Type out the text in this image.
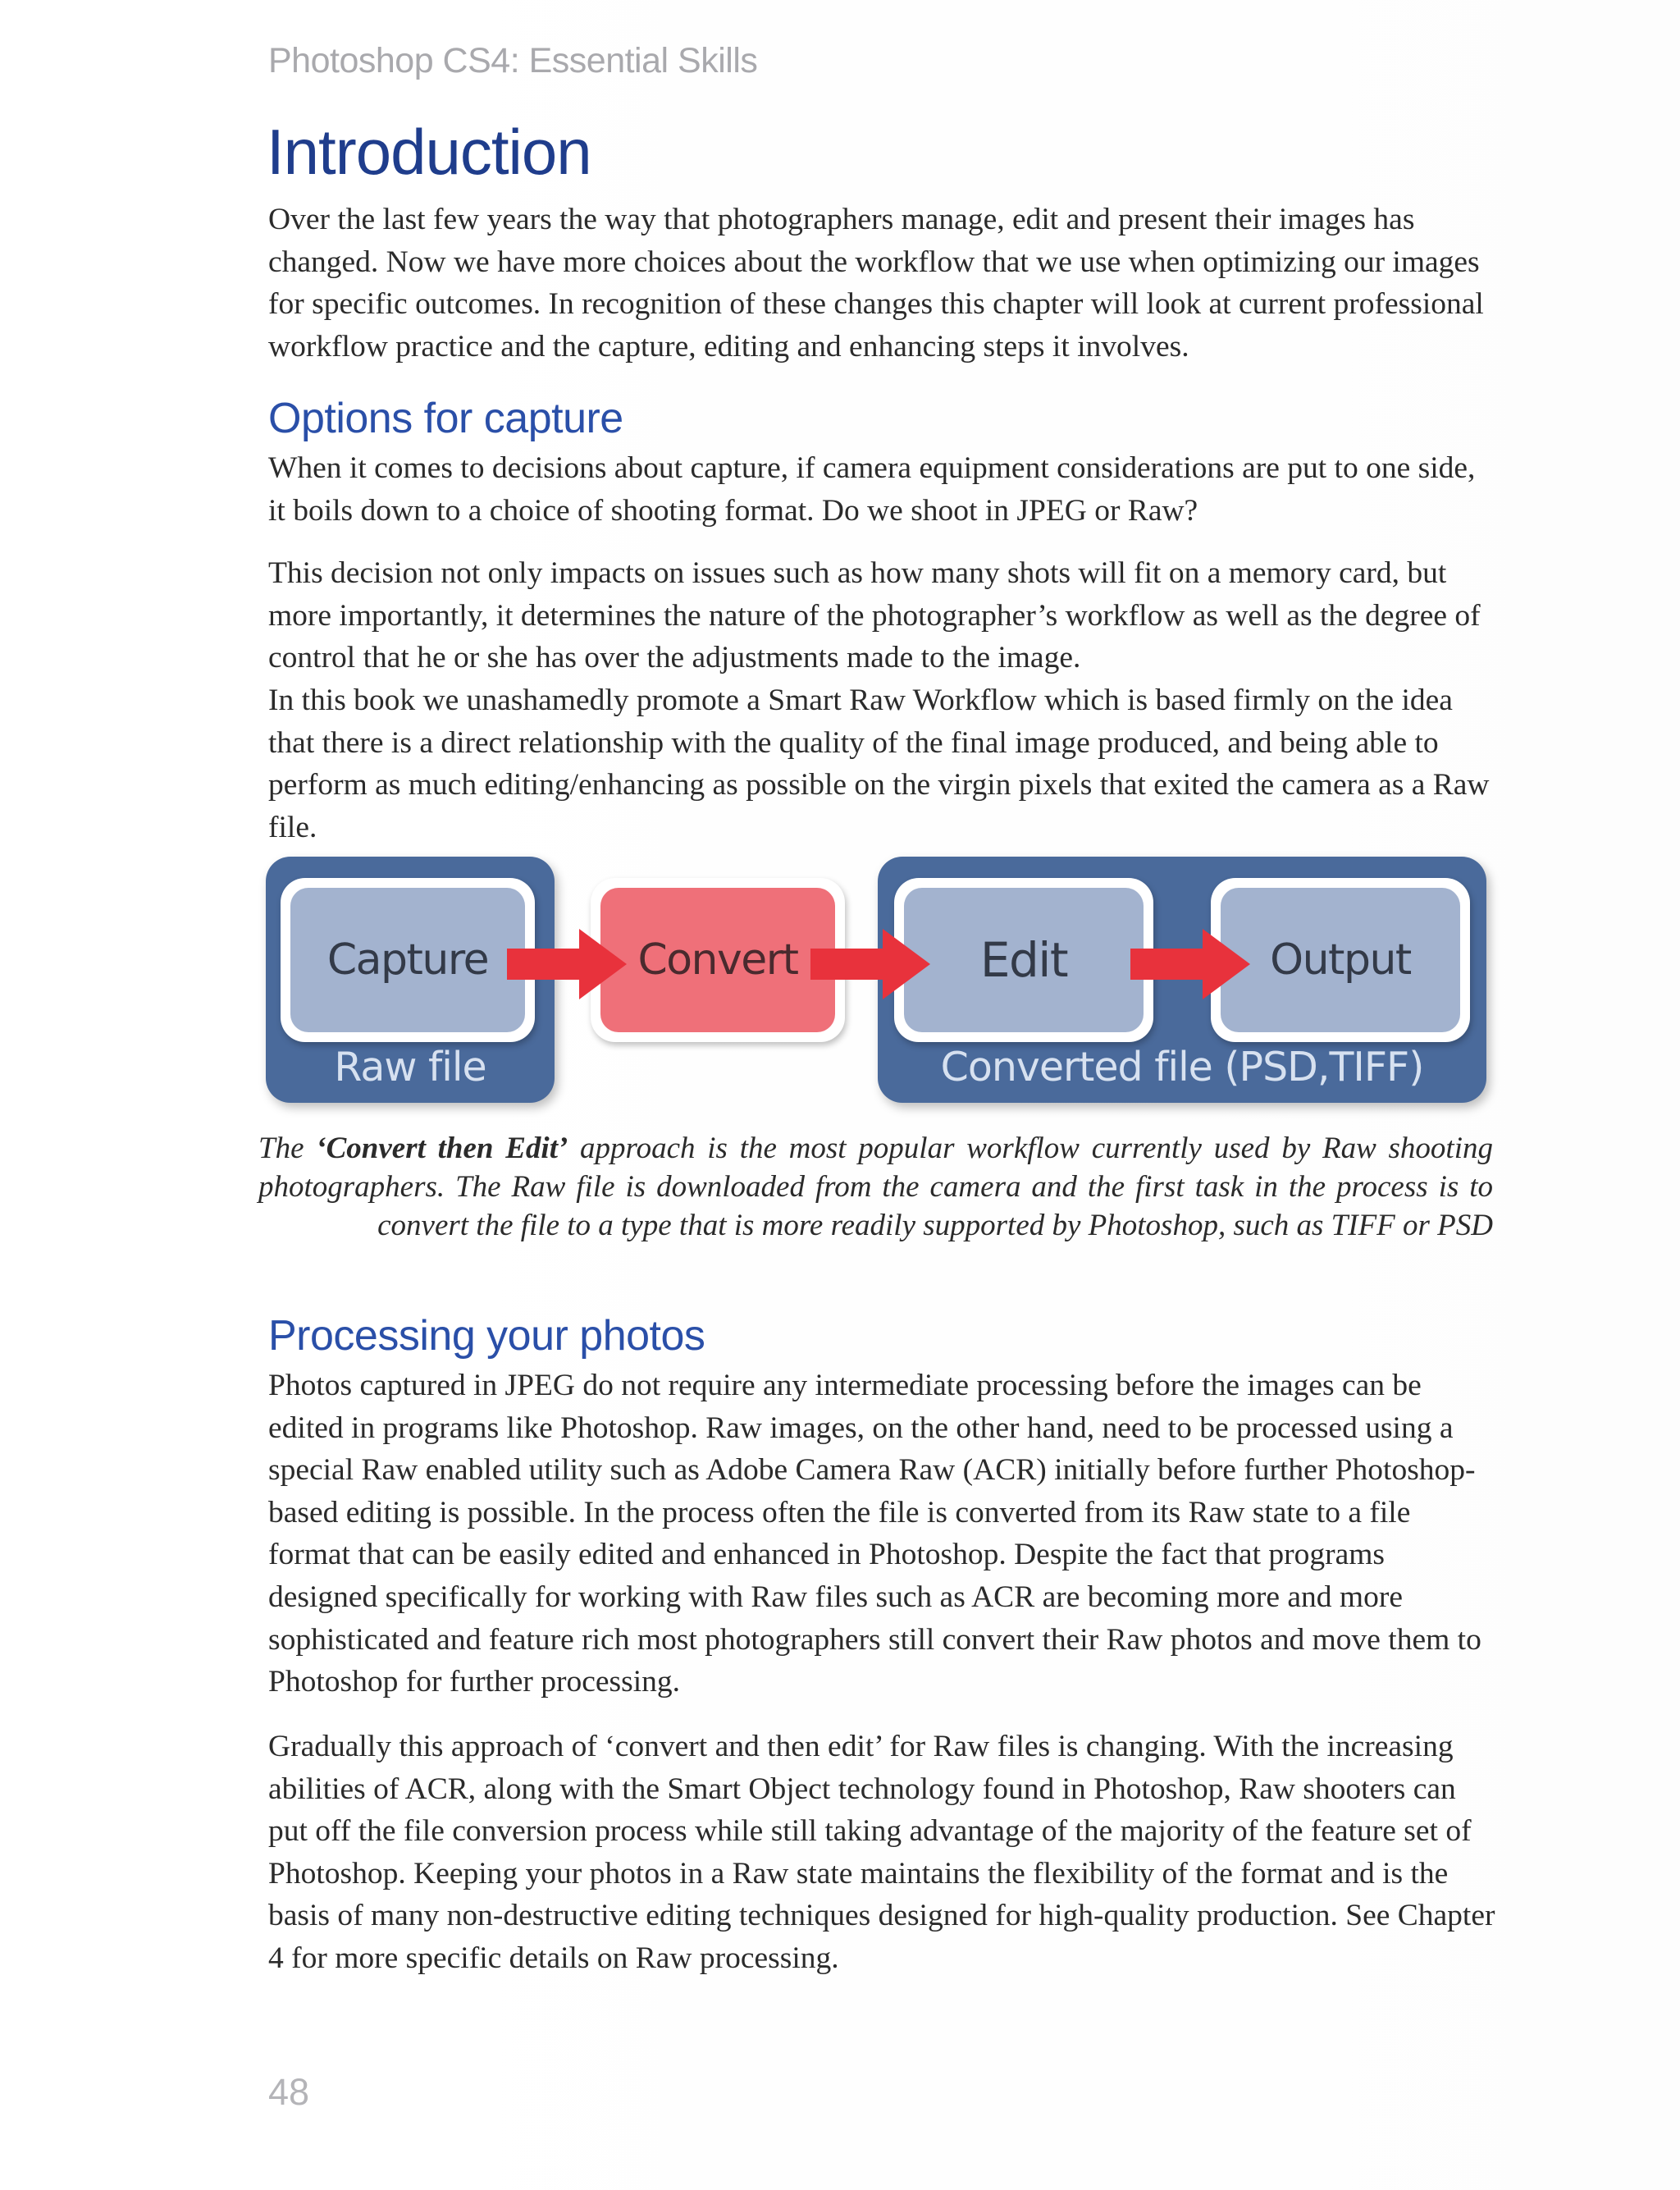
Photoshop CS4: Essential Skills
Introduction

Over the last few years the way that photographers manage, edit and present their images has changed. Now we have more choices about the workflow that we use when optimizing our images for specific outcomes. In recognition of these changes this chapter will look at current professional workflow practice and the capture, editing and enhancing steps it involves.

Options for capture

When it comes to decisions about capture, if camera equipment considerations are put to one side, it boils down to a choice of shooting format. Do we shoot in JPEG or Raw?

This decision not only impacts on issues such as how many shots will fit on a memory card, but more importantly, it determines the nature of the photographer’s workflow as well as the degree of control that he or she has over the adjustments made to the image.

In this book we unashamedly promote a Smart Raw Workflow which is based firmly on the idea that there is a direct relationship with the quality of the final image produced, and being able to perform as much editing/enhancing as possible on the virgin pixels that exited the camera as a Raw file.

Raw file	Converted file (PSD,TIFF)
Capture	Convert	Edit	Output

The ‘Convert then Edit’ approach is the most popular workflow currently used by Raw shooting photographers. The Raw file is downloaded from the camera and the first task in the process is to convert the file to a type that is more readily supported by Photoshop, such as TIFF or PSD

Processing your photos

Photos captured in JPEG do not require any intermediate processing before the images can be edited in programs like Photoshop. Raw images, on the other hand, need to be processed using a special Raw enabled utility such as Adobe Camera Raw (ACR) initially before further Photoshop-based editing is possible. In the process often the file is converted from its Raw state to a file format that can be easily edited and enhanced in Photoshop. Despite the fact that programs designed specifically for working with Raw files such as ACR are becoming more and more sophisticated and feature rich most photographers still convert their Raw photos and move them to Photoshop for further processing.

Gradually this approach of ‘convert and then edit’ for Raw files is changing. With the increasing abilities of ACR, along with the Smart Object technology found in Photoshop, Raw shooters can put off the file conversion process while still taking advantage of the majority of the feature set of Photoshop. Keeping your photos in a Raw state maintains the flexibility of the format and is the basis of many non-destructive editing techniques designed for high-quality production. See Chapter 4 for more specific details on Raw processing.

48
